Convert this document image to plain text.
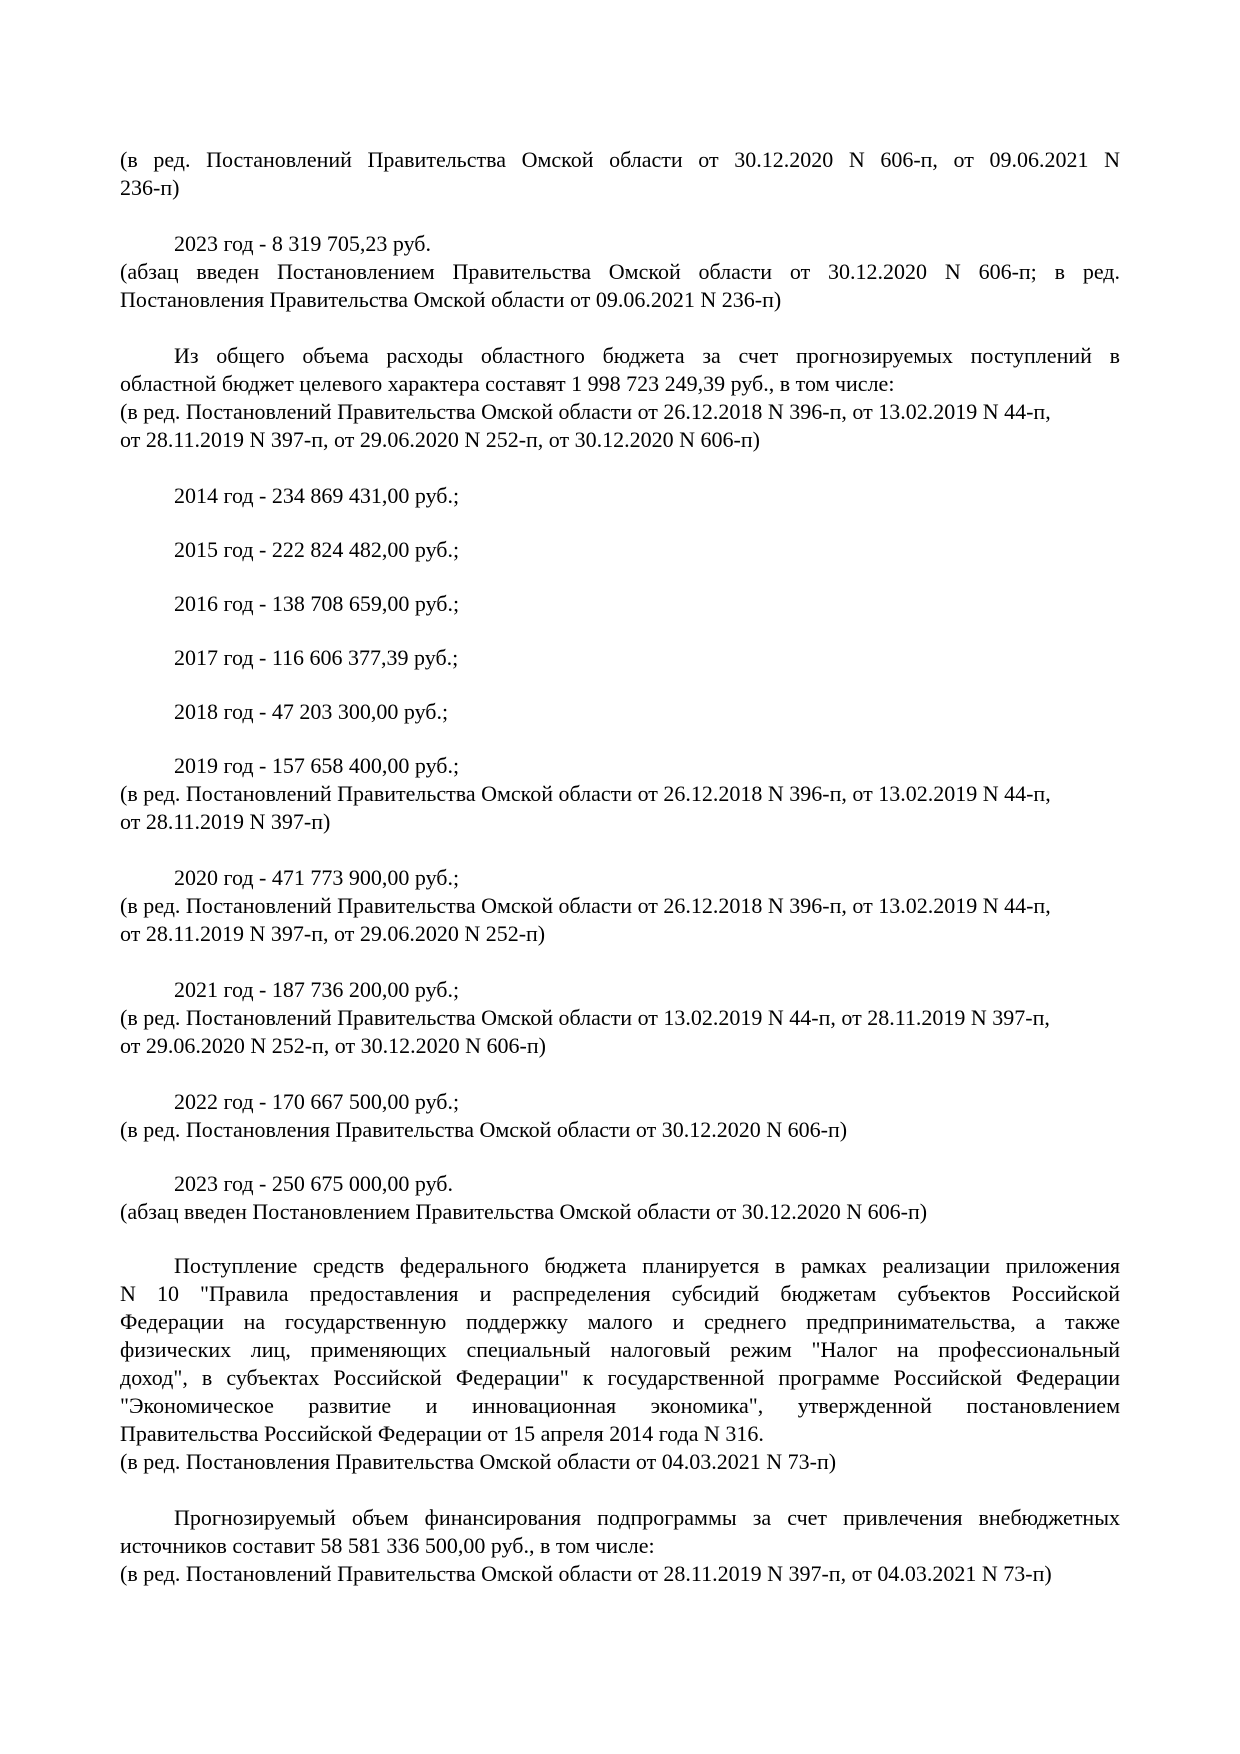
(в ред. Постановлений Правительства Омской области от 30.12.2020 N 606-п, от 09.06.2021 N
236-п)
2023 год - 8 319 705,23 руб.
(абзац введен Постановлением Правительства Омской области от 30.12.2020 N 606-п; в ред.
Постановления Правительства Омской области от 09.06.2021 N 236-п)
Из общего объема расходы областного бюджета за счет прогнозируемых поступлений в
областной бюджет целевого характера составят 1 998 723 249,39 руб., в том числе:
(в ред. Постановлений Правительства Омской области от 26.12.2018 N 396-п, от 13.02.2019 N 44-п,
от 28.11.2019 N 397-п, от 29.06.2020 N 252-п, от 30.12.2020 N 606-п)
2014 год - 234 869 431,00 руб.;
2015 год - 222 824 482,00 руб.;
2016 год - 138 708 659,00 руб.;
2017 год - 116 606 377,39 руб.;
2018 год - 47 203 300,00 руб.;
2019 год - 157 658 400,00 руб.;
(в ред. Постановлений Правительства Омской области от 26.12.2018 N 396-п, от 13.02.2019 N 44-п,
от 28.11.2019 N 397-п)
2020 год - 471 773 900,00 руб.;
(в ред. Постановлений Правительства Омской области от 26.12.2018 N 396-п, от 13.02.2019 N 44-п,
от 28.11.2019 N 397-п, от 29.06.2020 N 252-п)
2021 год - 187 736 200,00 руб.;
(в ред. Постановлений Правительства Омской области от 13.02.2019 N 44-п, от 28.11.2019 N 397-п,
от 29.06.2020 N 252-п, от 30.12.2020 N 606-п)
2022 год - 170 667 500,00 руб.;
(в ред. Постановления Правительства Омской области от 30.12.2020 N 606-п)
2023 год - 250 675 000,00 руб.
(абзац введен Постановлением Правительства Омской области от 30.12.2020 N 606-п)
Поступление средств федерального бюджета планируется в рамках реализации приложения
N 10 "Правила предоставления и распределения субсидий бюджетам субъектов Российской
Федерации на государственную поддержку малого и среднего предпринимательства, а также
физических лиц, применяющих специальный налоговый режим "Налог на профессиональный
доход", в субъектах Российской Федерации" к государственной программе Российской Федерации
"Экономическое развитие и инновационная экономика", утвержденной постановлением
Правительства Российской Федерации от 15 апреля 2014 года N 316.
(в ред. Постановления Правительства Омской области от 04.03.2021 N 73-п)
Прогнозируемый объем финансирования подпрограммы за счет привлечения внебюджетных
источников составит 58 581 336 500,00 руб., в том числе:
(в ред. Постановлений Правительства Омской области от 28.11.2019 N 397-п, от 04.03.2021 N 73-п)
